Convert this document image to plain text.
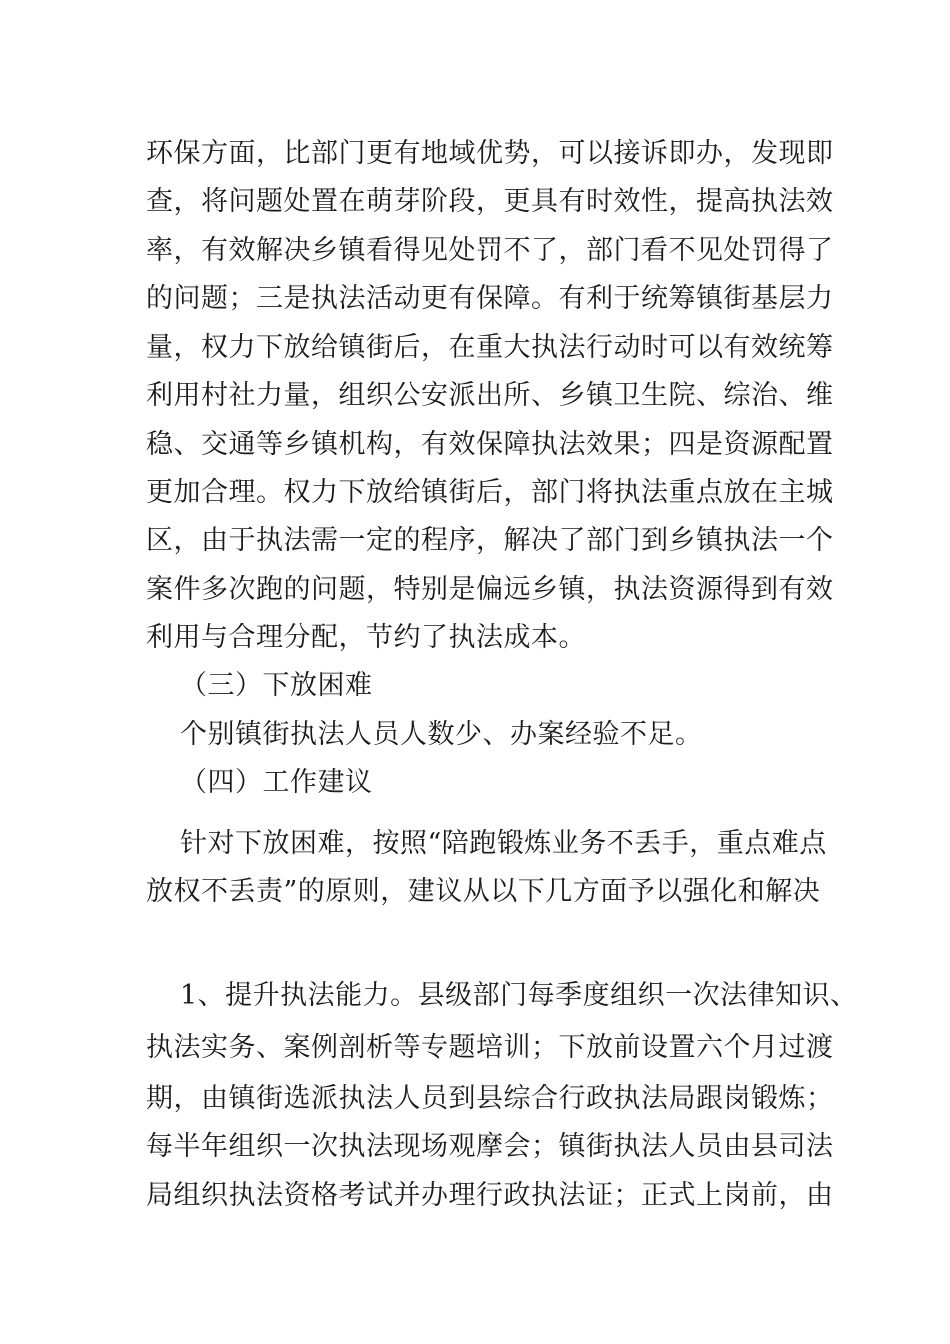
环保方面，比部门更有地域优势，可以接诉即办，发现即
查，将问题处置在萌芽阶段，更具有时效性，提高执法效
率，有效解决乡镇看得见处罚不了，部门看不见处罚得了
的问题；三是执法活动更有保障。有利于统筹镇街基层力
量，权力下放给镇街后，在重大执法行动时可以有效统筹
利用村社力量，组织公安派出所、乡镇卫生院、综治、维
稳、交通等乡镇机构，有效保障执法效果；四是资源配置
更加合理。权力下放给镇街后，部门将执法重点放在主城
区，由于执法需一定的程序，解决了部门到乡镇执法一个
案件多次跑的问题，特别是偏远乡镇，执法资源得到有效
利用与合理分配，节约了执法成本。
（三）下放困难
个别镇街执法人员人数少、办案经验不足。
（四）工作建议
针对下放困难，按照“陪跑锻炼业务不丢手，重点难点
放权不丢责”的原则，建议从以下几方面予以强化和解决
1、提升执法能力。县级部门每季度组织一次法律知识、
执法实务、案例剖析等专题培训；下放前设置六个月过渡
期，由镇街选派执法人员到县综合行政执法局跟岗锻炼；
每半年组织一次执法现场观摩会；镇街执法人员由县司法
局组织执法资格考试并办理行政执法证；正式上岗前，由
